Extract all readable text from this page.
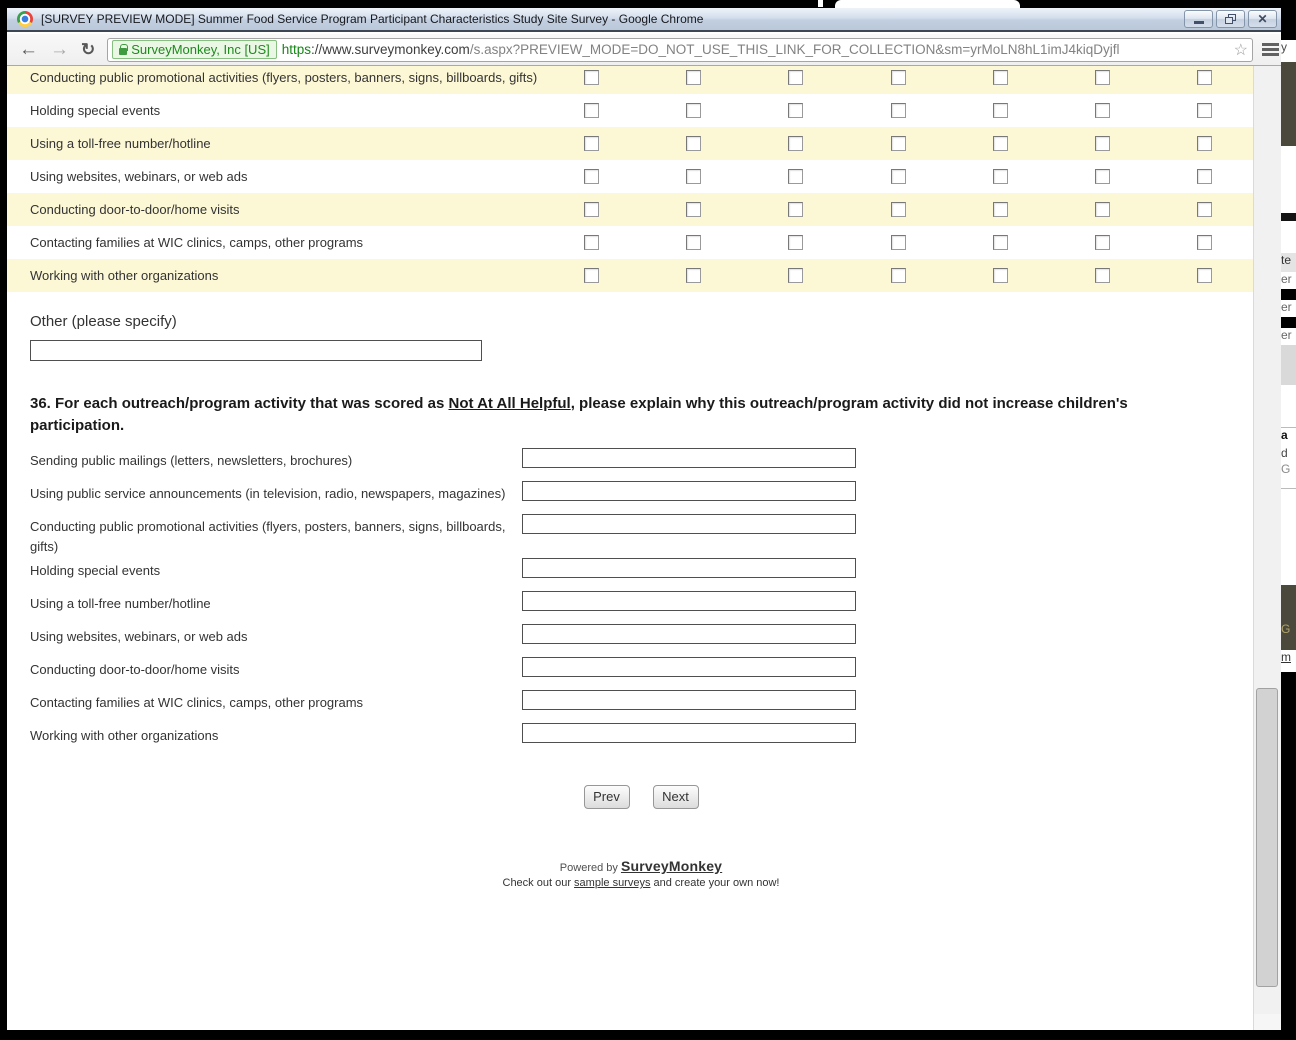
y
te
er
er
er
a
d
G
G
m
[SURVEY PREVIEW MODE] Summer Food Service Program Participant Characteristics Study Site Survey - Google Chrome	✕
← → ↻	SurveyMonkey, Inc [US] https://www.surveymonkey.com/s.aspx?PREVIEW_MODE=DO_NOT_USE_THIS_LINK_FOR_COLLECTION&sm=yrMoLN8hL1imJ4kiqDyjfl	☆
Conducting public promotional activities (flyers, posters, banners, signs, billboards, gifts)
Holding special events
Using a toll-free number/hotline
Using websites, webinars, or web ads
Conducting door-to-door/home visits
Contacting families at WIC clinics, camps, other programs
Working with other organizations
Other (please specify)
36. For each outreach/program activity that was scored as Not At All Helpful, please explain why this outreach/program activity did not increase children's participation.
Sending public mailings (letters, newsletters, brochures)
Using public service announcements (in television, radio, newspapers, magazines)
Conducting public promotional activities (flyers, posters, banners, signs, billboards, gifts)
Holding special events
Using a toll-free number/hotline
Using websites, webinars, or web ads
Conducting door-to-door/home visits
Contacting families at WIC clinics, camps, other programs
Working with other organizations
Prev	Next
Powered by SurveyMonkey
Check out our sample surveys and create your own now!
